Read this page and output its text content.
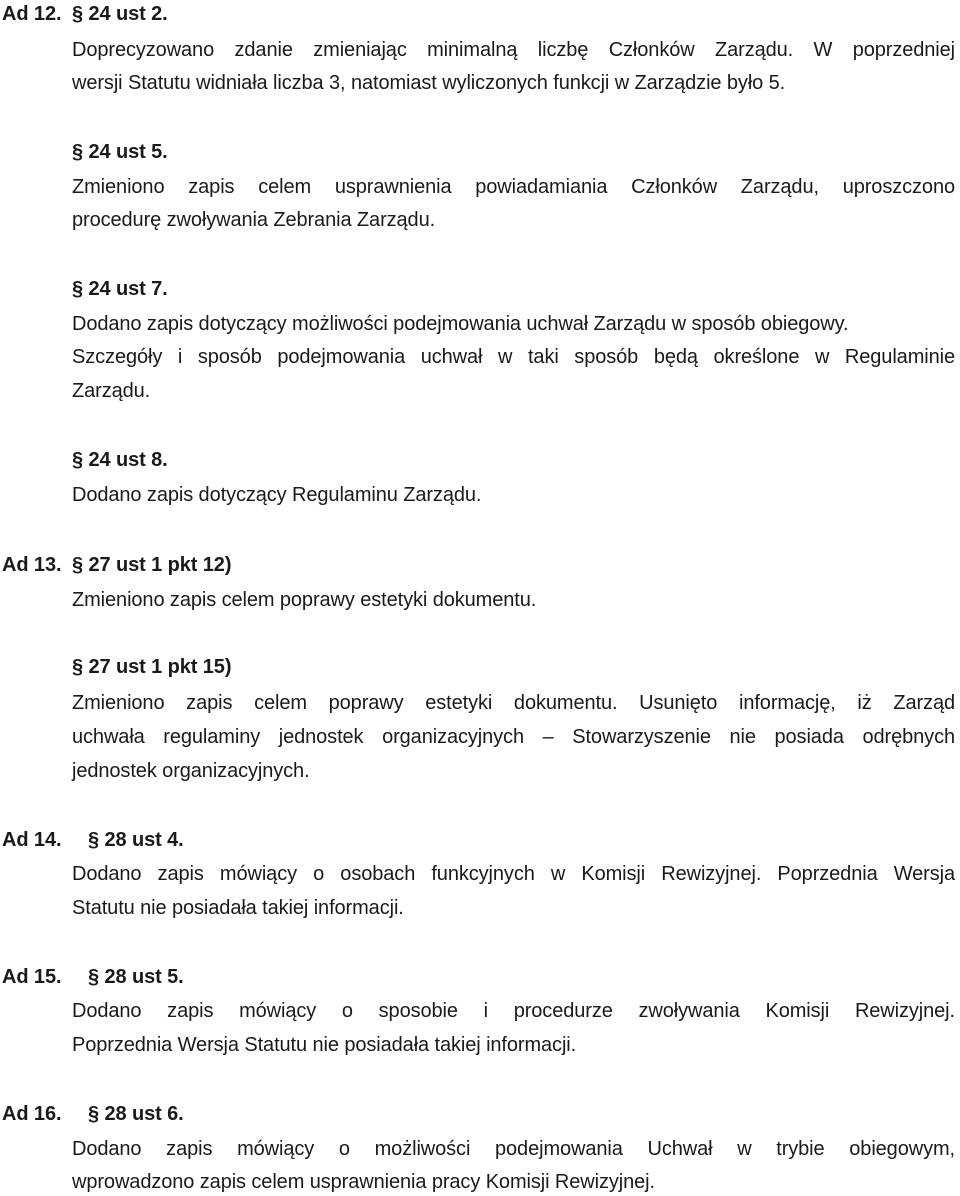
Ad 12. § 24 ust 2.
Doprecyzowano zdanie zmieniając minimalną liczbę Członków Zarządu. W poprzedniej
wersji Statutu widniała liczba 3, natomiast wyliczonych funkcji w Zarządzie było 5.
§ 24 ust 5.
Zmieniono zapis celem usprawnienia powiadamiania Członków Zarządu, uproszczono
procedurę zwoływania Zebrania Zarządu.
§ 24 ust 7.
Dodano zapis dotyczący możliwości podejmowania uchwał Zarządu w sposób obiegowy.
Szczegóły i sposób podejmowania uchwał w taki sposób będą określone w Regulaminie
Zarządu.
§ 24 ust 8.
Dodano zapis dotyczący Regulaminu Zarządu.
Ad 13. § 27 ust 1 pkt 12)
Zmieniono zapis celem poprawy estetyki dokumentu.
§ 27 ust 1 pkt 15)
Zmieniono zapis celem poprawy estetyki dokumentu. Usunięto informację, iż Zarząd
uchwała regulaminy jednostek organizacyjnych – Stowarzyszenie nie posiada odrębnych
jednostek organizacyjnych.
Ad 14. § 28 ust 4.
Dodano zapis mówiący o osobach funkcyjnych w Komisji Rewizyjnej. Poprzednia Wersja
Statutu nie posiadała takiej informacji.
Ad 15. § 28 ust 5.
Dodano zapis mówiący o sposobie i procedurze zwoływania Komisji Rewizyjnej.
Poprzednia Wersja Statutu nie posiadała takiej informacji.
Ad 16. § 28 ust 6.
Dodano zapis mówiący o możliwości podejmowania Uchwał w trybie obiegowym,
wprowadzono zapis celem usprawnienia pracy Komisji Rewizyjnej.
